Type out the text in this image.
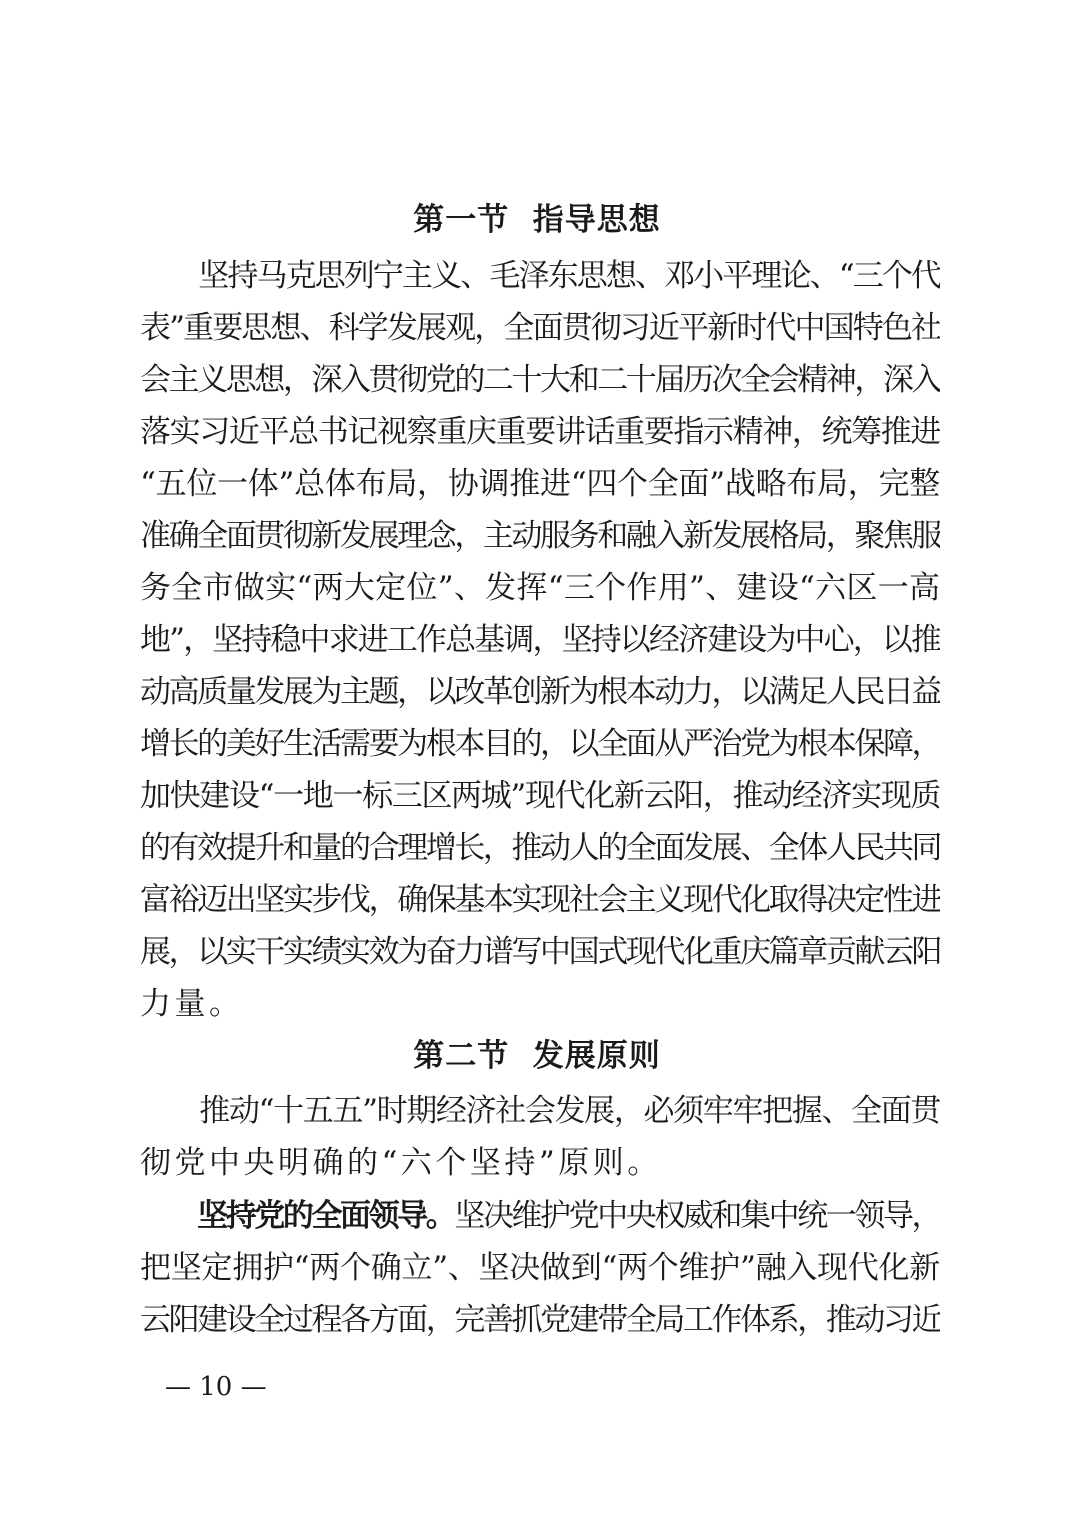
第一节  指导思想
　　坚持马克思列宁主义、毛泽东思想、邓小平理论、“三个代
表”重要思想、科学发展观，全面贯彻习近平新时代中国特色社
会主义思想，深入贯彻党的二十大和二十届历次全会精神，深入
落实习近平总书记视察重庆重要讲话重要指示精神，统筹推进
“五位一体”总体布局，协调推进“四个全面”战略布局，完整
准确全面贯彻新发展理念，主动服务和融入新发展格局，聚焦服
务全市做实“两大定位”、发挥“三个作用”、建设“六区一高
地”，坚持稳中求进工作总基调，坚持以经济建设为中心，以推
动高质量发展为主题，以改革创新为根本动力，以满足人民日益
增长的美好生活需要为根本目的，以全面从严治党为根本保障，
加快建设“一地一标三区两城”现代化新云阳，推动经济实现质
的有效提升和量的合理增长，推动人的全面发展、全体人民共同
富裕迈出坚实步伐，确保基本实现社会主义现代化取得决定性进
展，以实干实绩实效为奋力谱写中国式现代化重庆篇章贡献云阳
力量。
第二节  发展原则
　　推动“十五五”时期经济社会发展，必须牢牢把握、全面贯
彻党中央明确的“六个坚持”原则。
　　坚持党的全面领导。坚决维护党中央权威和集中统一领导，
把坚定拥护“两个确立”、坚决做到“两个维护”融入现代化新
云阳建设全过程各方面，完善抓党建带全局工作体系，推动习近
— 10 —
